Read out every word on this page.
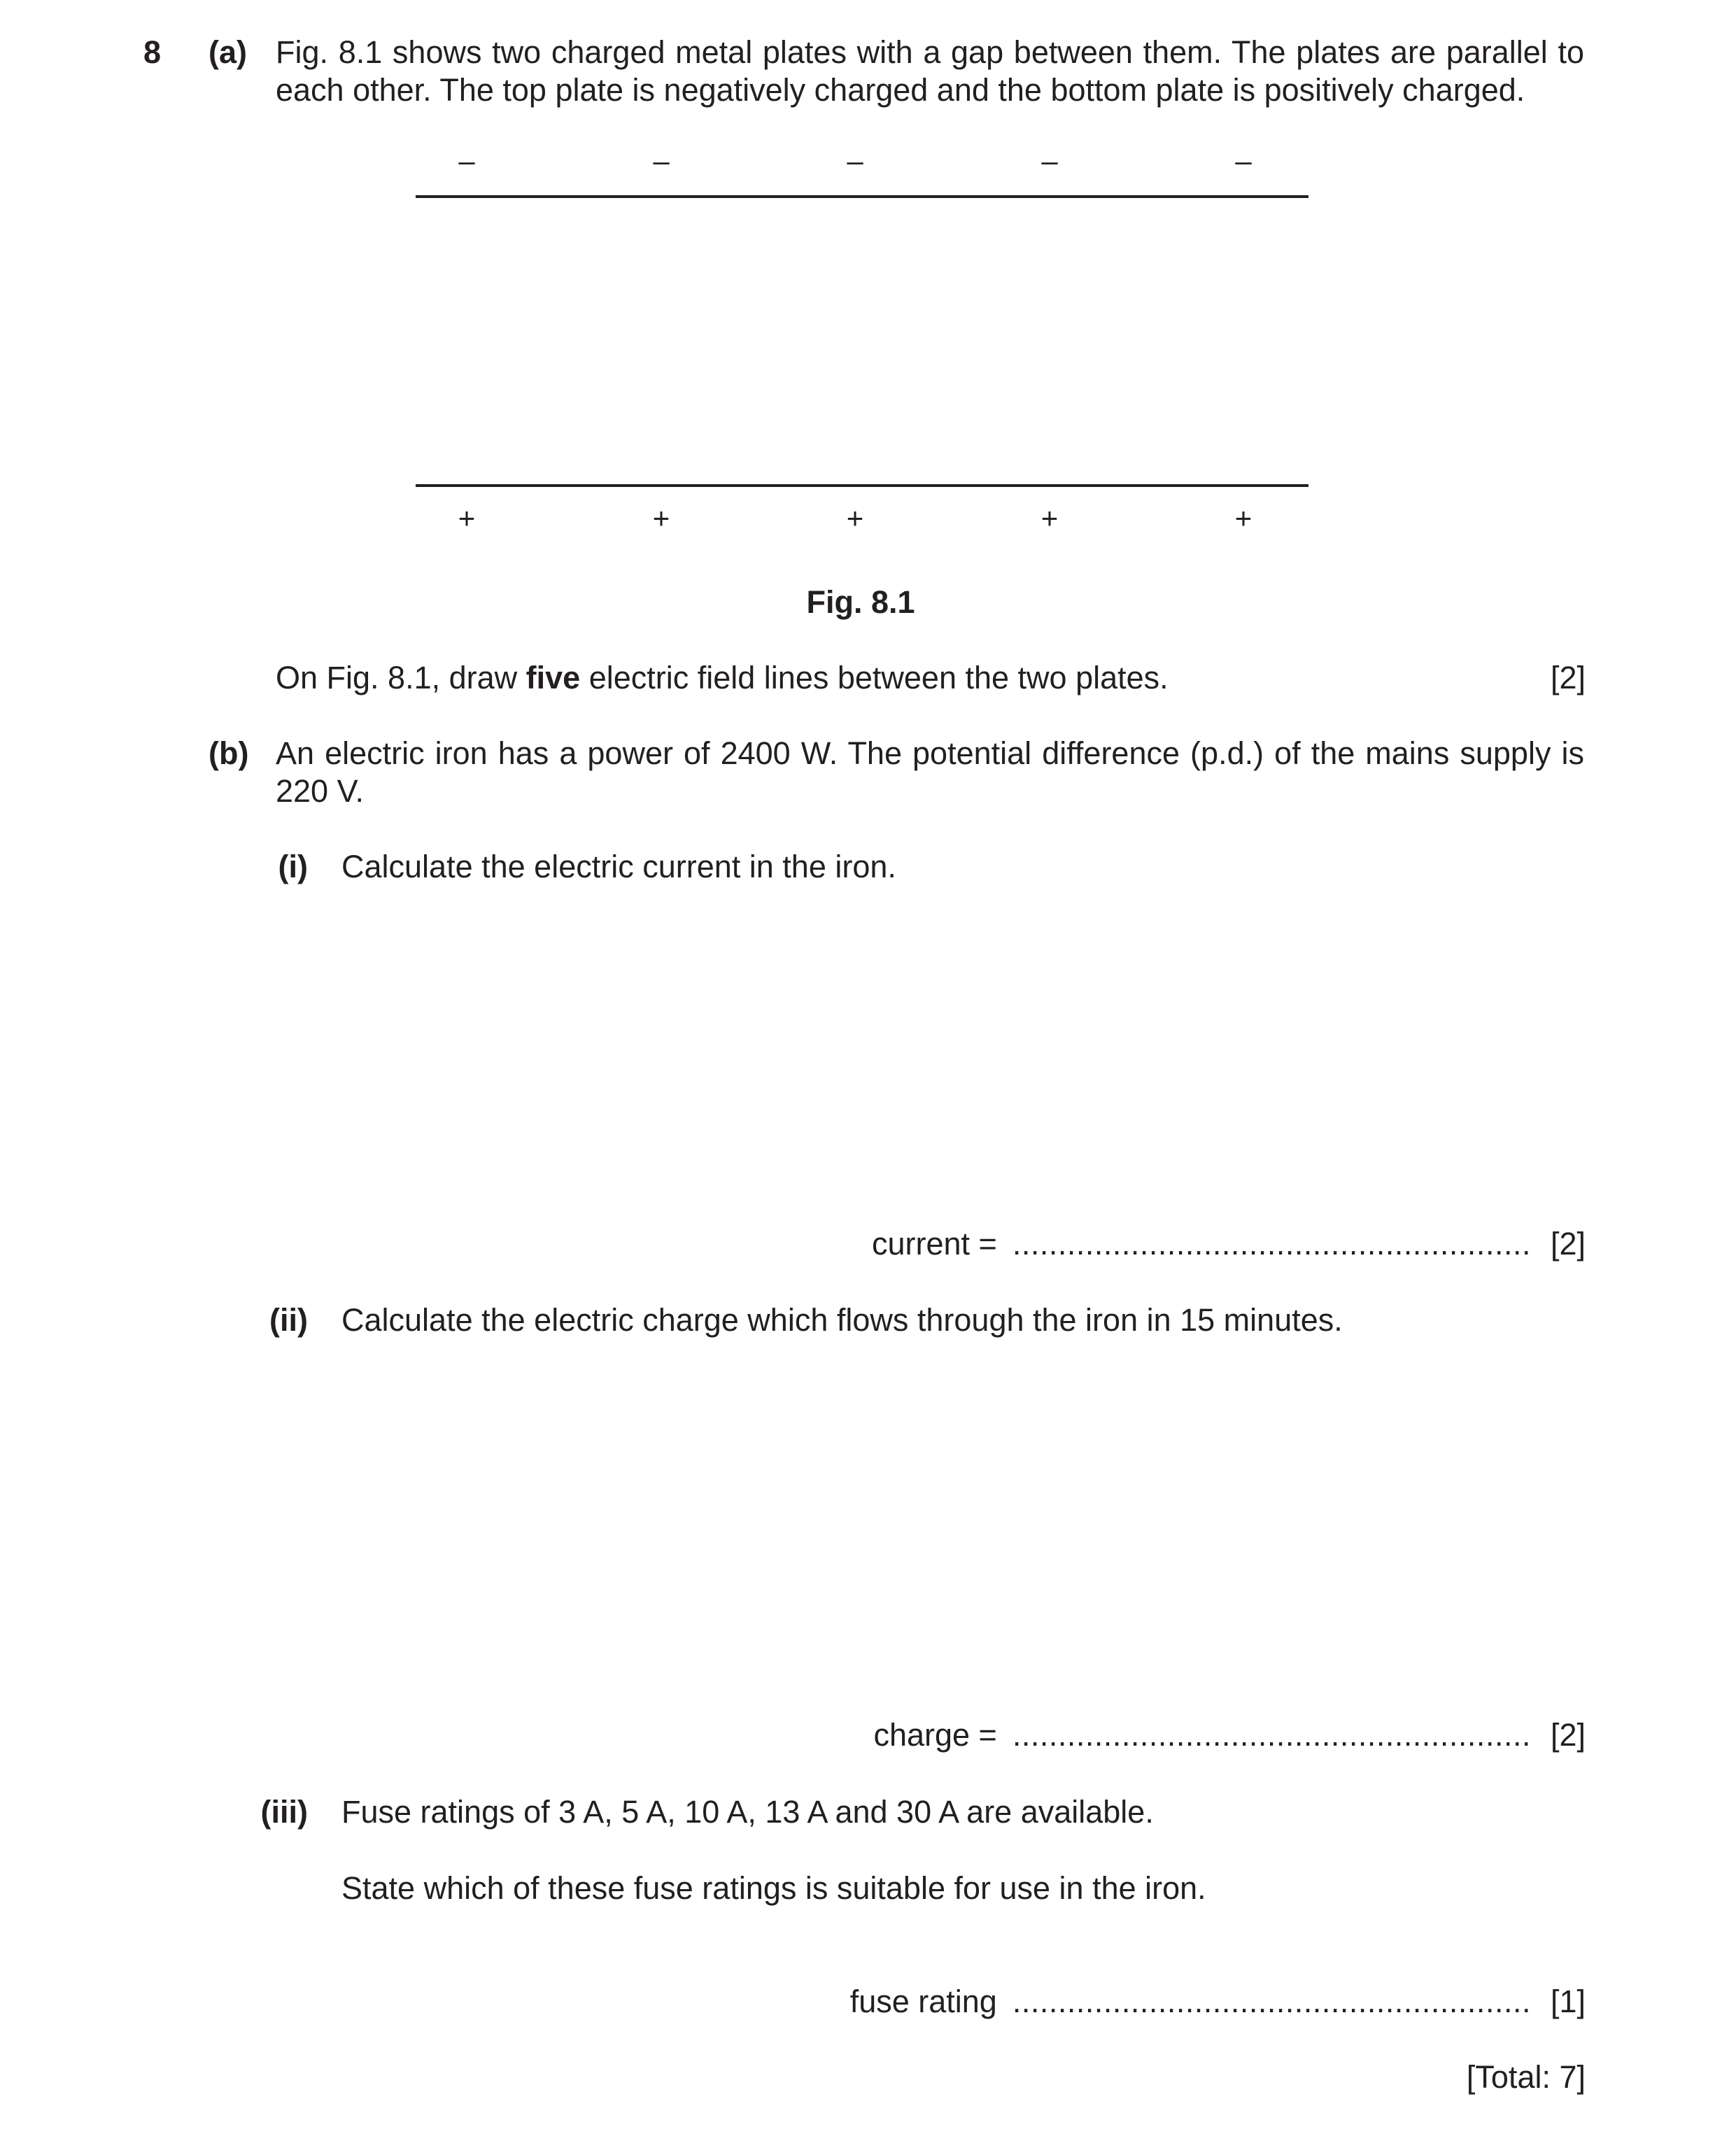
8 (a) Fig. 8.1 shows two charged metal plates with a gap between them. The plates are parallel to each other. The top plate is negatively charged and the bottom plate is positively charged.
–	–	–	–	–
+	+	+	+	+
Fig. 8.1
On Fig. 8.1, draw five electric field lines between the two plates.	[2]
(b) An electric iron has a power of 2400 W. The potential difference (p.d.) of the mains supply is 220 V.
(i) Calculate the electric current in the iron.
current = ......................................................... [2]
(ii) Calculate the electric charge which flows through the iron in 15 minutes.
charge = ......................................................... [2]
(iii) Fuse ratings of 3 A, 5 A, 10 A, 13 A and 30 A are available.
State which of these fuse ratings is suitable for use in the iron.
fuse rating ......................................................... [1]
[Total: 7]
